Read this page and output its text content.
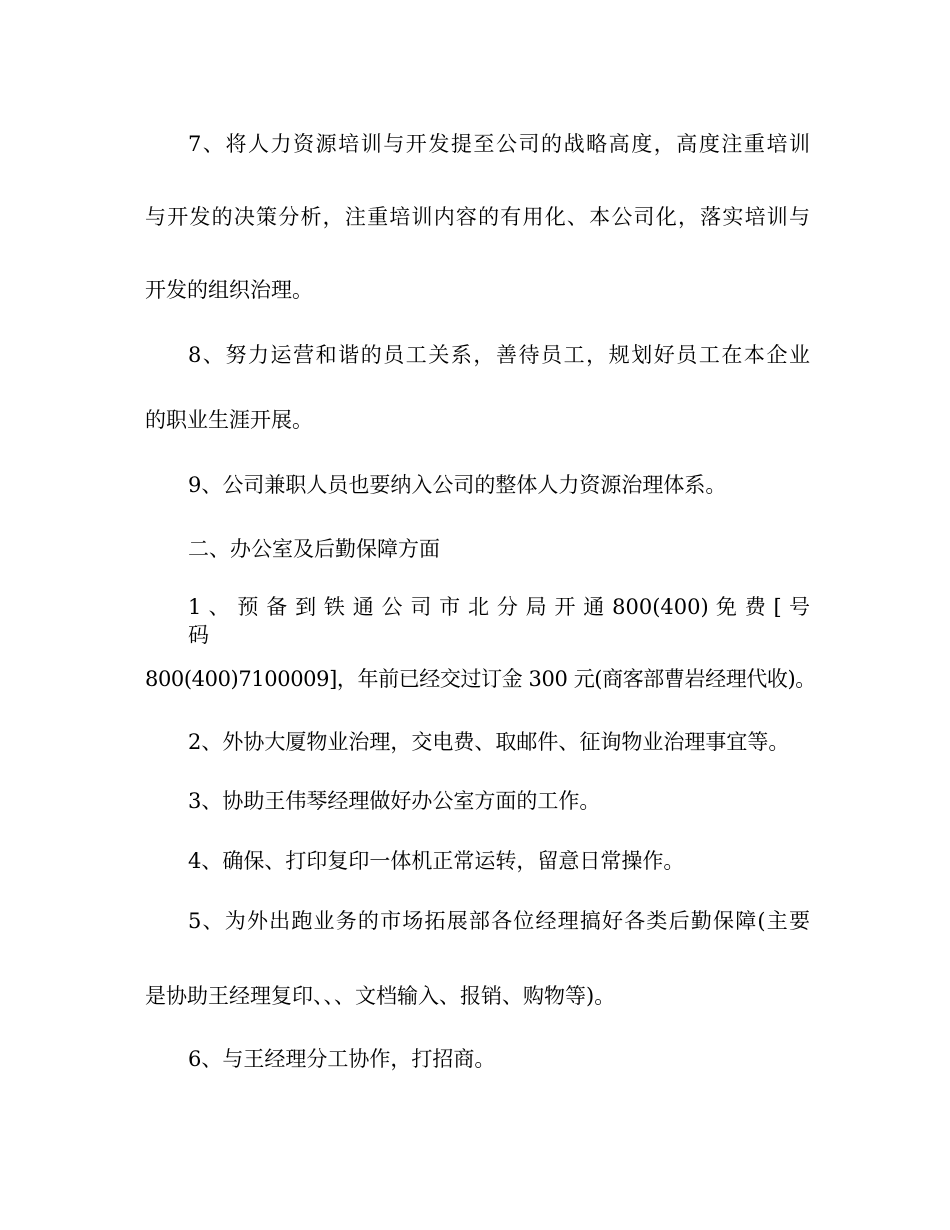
7、将人力资源培训与开发提至公司的战略高度，高度注重培训
与开发的决策分析，注重培训内容的有用化、本公司化，落实培训与
开发的组织治理。
8、努力运营和谐的员工关系，善待员工，规划好员工在本企业
的职业生涯开展。
9、公司兼职人员也要纳入公司的整体人力资源治理体系。
二、办公室及后勤保障方面
1 、 预 备 到 铁 通 公 司 市 北 分 局 开 通 800(400) 免 费 [ 号 码
800(400)7100009]，年前已经交过订金 300 元(商客部曹岩经理代收)。
2、外协大厦物业治理，交电费、取邮件、征询物业治理事宜等。
3、协助王伟琴经理做好办公室方面的工作。
4、确保、打印复印一体机正常运转，留意日常操作。
5、为外出跑业务的市场拓展部各位经理搞好各类后勤保障(主要
是协助王经理复印、、、文档输入、报销、购物等)。
6、与王经理分工协作，打招商。
